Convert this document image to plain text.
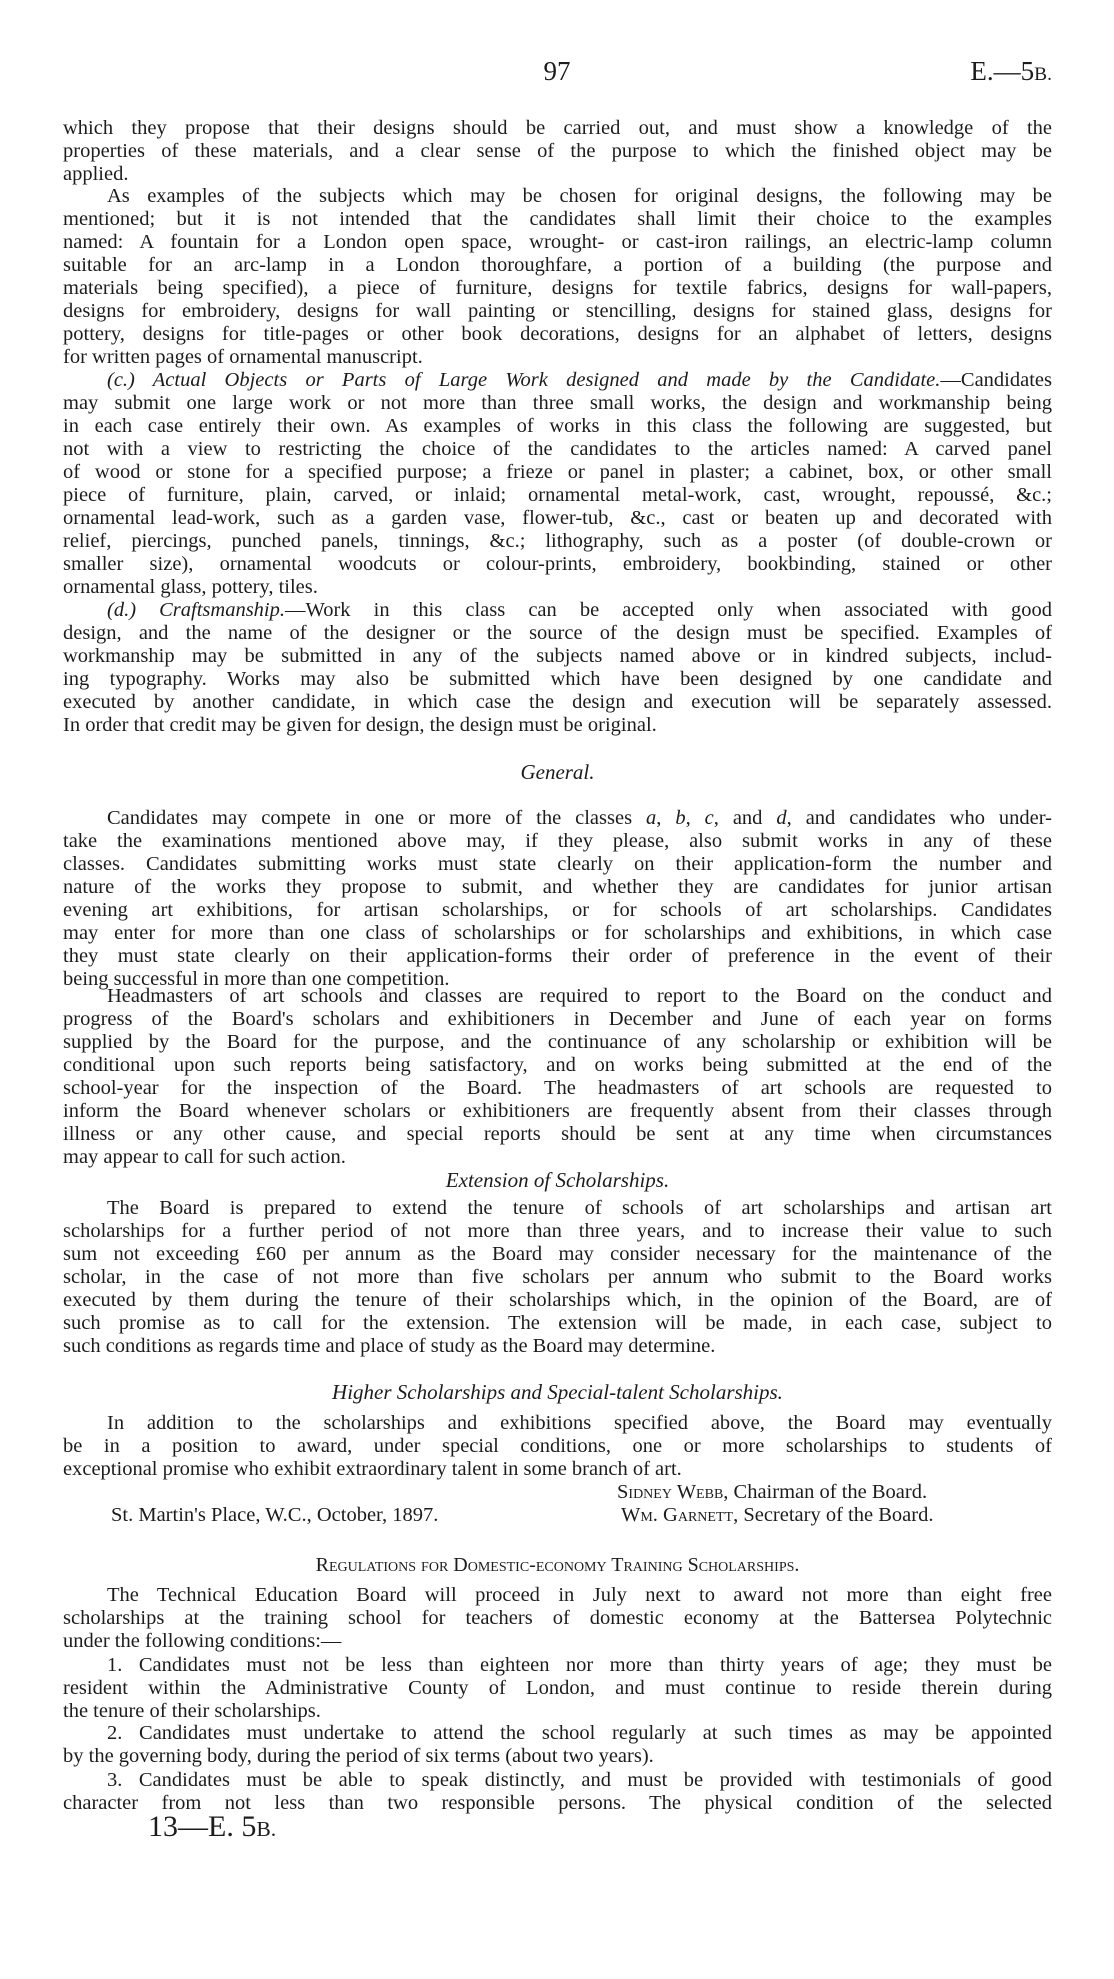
97	E.—5B.
which they propose that their designs should be carried out, and must show a knowledge of the
properties of these materials, and a clear sense of the purpose to which the finished object may be
applied.
As examples of the subjects which may be chosen for original designs, the following may be
mentioned; but it is not intended that the candidates shall limit their choice to the examples
named: A fountain for a London open space, wrought- or cast-iron railings, an electric-lamp column
suitable for an arc-lamp in a London thoroughfare, a portion of a building (the purpose and
materials being specified), a piece of furniture, designs for textile fabrics, designs for wall-papers,
designs for embroidery, designs for wall painting or stencilling, designs for stained glass, designs for
pottery, designs for title-pages or other book decorations, designs for an alphabet of letters, designs
for written pages of ornamental manuscript.
(c.) Actual Objects or Parts of Large Work designed and made by the Candidate.—Candidates
may submit one large work or not more than three small works, the design and workmanship being
in each case entirely their own. As examples of works in this class the following are suggested, but
not with a view to restricting the choice of the candidates to the articles named: A carved panel
of wood or stone for a specified purpose; a frieze or panel in plaster; a cabinet, box, or other small
piece of furniture, plain, carved, or inlaid; ornamental metal-work, cast, wrought, repoussé, &c.;
ornamental lead-work, such as a garden vase, flower-tub, &c., cast or beaten up and decorated with
relief, piercings, punched panels, tinnings, &c.; lithography, such as a poster (of double-crown or
smaller size), ornamental woodcuts or colour-prints, embroidery, bookbinding, stained or other
ornamental glass, pottery, tiles.
(d.) Craftsmanship.—Work in this class can be accepted only when associated with good
design, and the name of the designer or the source of the design must be specified. Examples of
workmanship may be submitted in any of the subjects named above or in kindred subjects, includ-
ing typography. Works may also be submitted which have been designed by one candidate and
executed by another candidate, in which case the design and execution will be separately assessed.
In order that credit may be given for design, the design must be original.
General.
Candidates may compete in one or more of the classes a, b, c, and d, and candidates who under-
take the examinations mentioned above may, if they please, also submit works in any of these
classes. Candidates submitting works must state clearly on their application-form the number and
nature of the works they propose to submit, and whether they are candidates for junior artisan
evening art exhibitions, for artisan scholarships, or for schools of art scholarships. Candidates
may enter for more than one class of scholarships or for scholarships and exhibitions, in which case
they must state clearly on their application-forms their order of preference in the event of their
being successful in more than one competition.
Headmasters of art schools and classes are required to report to the Board on the conduct and
progress of the Board's scholars and exhibitioners in December and June of each year on forms
supplied by the Board for the purpose, and the continuance of any scholarship or exhibition will be
conditional upon such reports being satisfactory, and on works being submitted at the end of the
school-year for the inspection of the Board. The headmasters of art schools are requested to
inform the Board whenever scholars or exhibitioners are frequently absent from their classes through
illness or any other cause, and special reports should be sent at any time when circumstances
may appear to call for such action.
Extension of Scholarships.
The Board is prepared to extend the tenure of schools of art scholarships and artisan art
scholarships for a further period of not more than three years, and to increase their value to such
sum not exceeding £60 per annum as the Board may consider necessary for the maintenance of the
scholar, in the case of not more than five scholars per annum who submit to the Board works
executed by them during the tenure of their scholarships which, in the opinion of the Board, are of
such promise as to call for the extension. The extension will be made, in each case, subject to
such conditions as regards time and place of study as the Board may determine.
Higher Scholarships and Special-talent Scholarships.
In addition to the scholarships and exhibitions specified above, the Board may eventually
be in a position to award, under special conditions, one or more scholarships to students of
exceptional promise who exhibit extraordinary talent in some branch of art.
Sidney Webb, Chairman of the Board.
St. Martin's Place, W.C., October, 1897.	Wm. Garnett, Secretary of the Board.
Regulations for Domestic-economy Training Scholarships.
The Technical Education Board will proceed in July next to award not more than eight free
scholarships at the training school for teachers of domestic economy at the Battersea Polytechnic
under the following conditions:—
1. Candidates must not be less than eighteen nor more than thirty years of age; they must be
resident within the Administrative County of London, and must continue to reside therein during
the tenure of their scholarships.
2. Candidates must undertake to attend the school regularly at such times as may be appointed
by the governing body, during the period of six terms (about two years).
3. Candidates must be able to speak distinctly, and must be provided with testimonials of good
character from not less than two responsible persons. The physical condition of the selected
13—E. 5B.
